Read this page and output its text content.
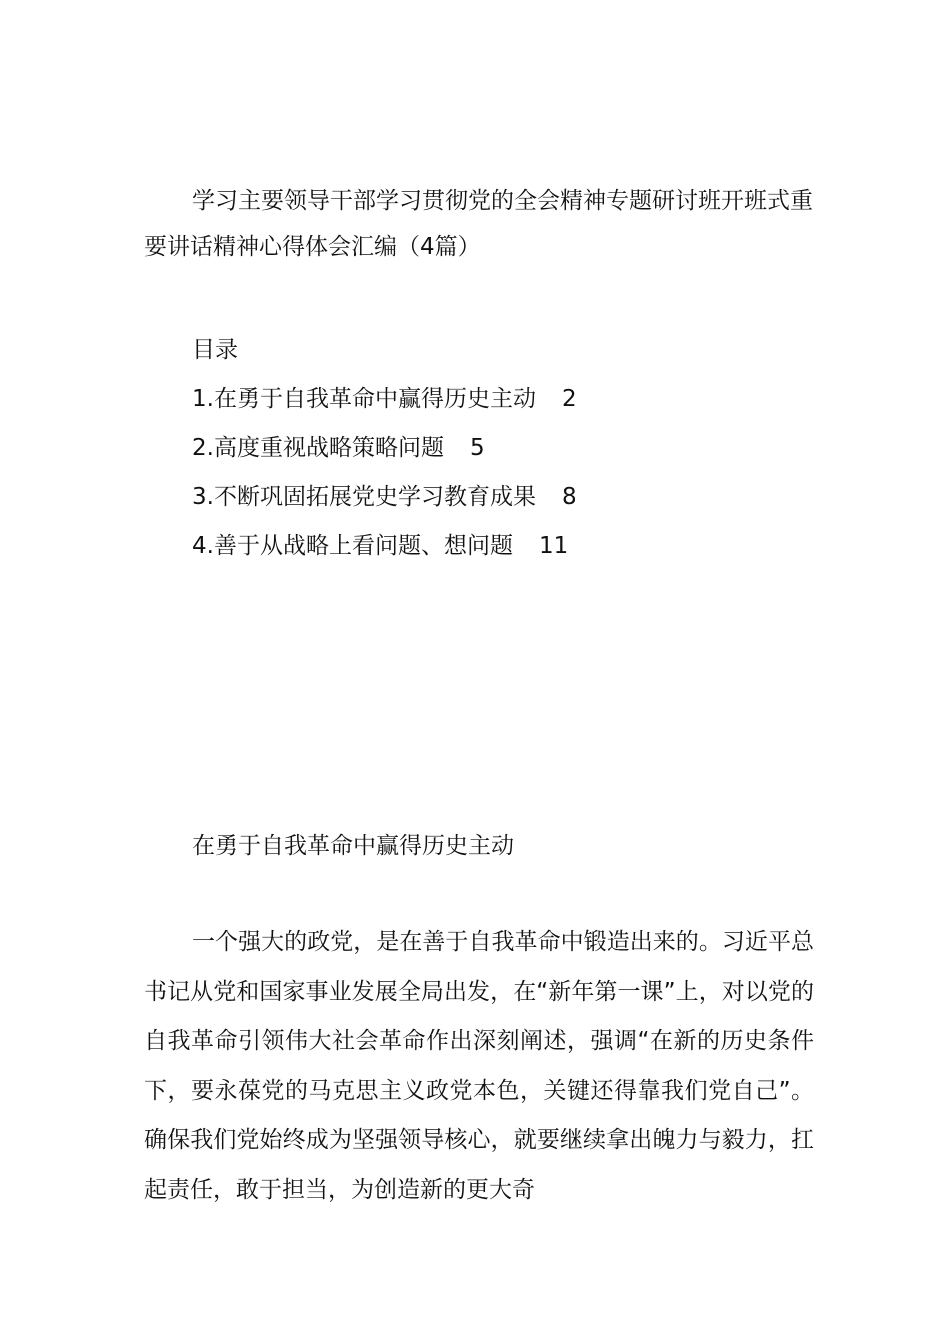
学习主要领导干部学习贯彻党的全会精神专题研讨班开班式重要讲话精神心得体会汇编（4篇）
目录
1.在勇于自我革命中赢得历史主动 2
2.高度重视战略策略问题 5
3.不断巩固拓展党史学习教育成果 8
4.善于从战略上看问题、想问题 11
在勇于自我革命中赢得历史主动

一个强大的政党，是在善于自我革命中锻造出来的。习近平总书记从党和国家事业发展全局出发，在“新年第一课”上，对以党的自我革命引领伟大社会革命作出深刻阐述，强调“在新的历史条件下，要永葆党的马克思主义政党本色，关键还得靠我们党自己”。确保我们党始终成为坚强领导核心，就要继续拿出魄力与毅力，扛起责任，敢于担当，为创造新的更大奇
